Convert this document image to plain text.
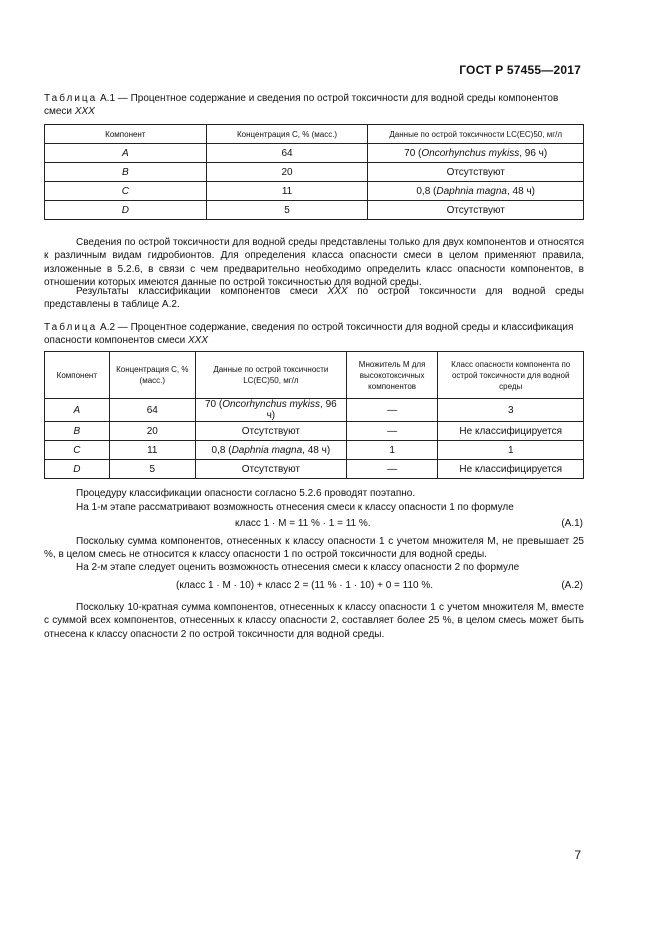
ГОСТ Р 57455—2017
Таблица А.1 — Процентное содержание и сведения по острой токсичности для водной среды компонентов смеси XXX
Компонент	Концентрация С, % (масс.)	Данные по острой токсичности LC(EC)50, мг/л
A	64	70 (Oncorhynchus mykiss, 96 ч)
B	20	Отсутствуют
C	11	0,8 (Daphnia magna, 48 ч)
D	5	Отсутствуют
Сведения по острой токсичности для водной среды представлены только для двух компонентов и относятся к различным видам гидробионтов. Для определения класса опасности смеси в целом применяют правила, изложенные в 5.2.6, в связи с чем предварительно необходимо определить класс опасности компонентов, в отношении которых имеются данные по острой токсичностью для водной среды.
Результаты классификации компонентов смеси XXX по острой токсичности для водной среды представлены в таблице А.2.
Таблица А.2 — Процентное содержание, сведения по острой токсичности для водной среды и классификация опасности компонентов смеси XXX
Компонент	Концентрация С, % (масс.)	Данные по острой токсичности LC(EC)50, мг/л	Множитель М для высокотоксичных компонентов	Класс опасности компонента по острой токсичности для водной среды
A	64	70 (Oncorhynchus mykiss, 96 ч)	—	3
B	20	Отсутствуют	—	Не классифицируется
C	11	0,8 (Daphnia magna, 48 ч)	1	1
D	5	Отсутствуют	—	Не классифицируется
Процедуру классификации опасности согласно 5.2.6 проводят поэтапно.
На 1-м этапе рассматривают возможность отнесения смеси к классу опасности 1 по формуле
класс 1 · M = 11 % · 1 = 11 %.	(А.1)
Поскольку сумма компонентов, отнесенных к классу опасности 1 с учетом множителя M, не превышает 25 %, в целом смесь не относится к классу опасности 1 по острой токсичности для водной среды.
На 2-м этапе следует оценить возможность отнесения смеси к классу опасности 2 по формуле
(класс 1 · M · 10) + класс 2 = (11 % · 1 · 10) + 0 = 110 %.	(А.2)
Поскольку 10-кратная сумма компонентов, отнесенных к классу опасности 1 с учетом множителя M, вместе с суммой всех компонентов, отнесенных к классу опасности 2, составляет более 25 %, в целом смесь может быть отнесена к классу опасности 2 по острой токсичности для водной среды.
7
